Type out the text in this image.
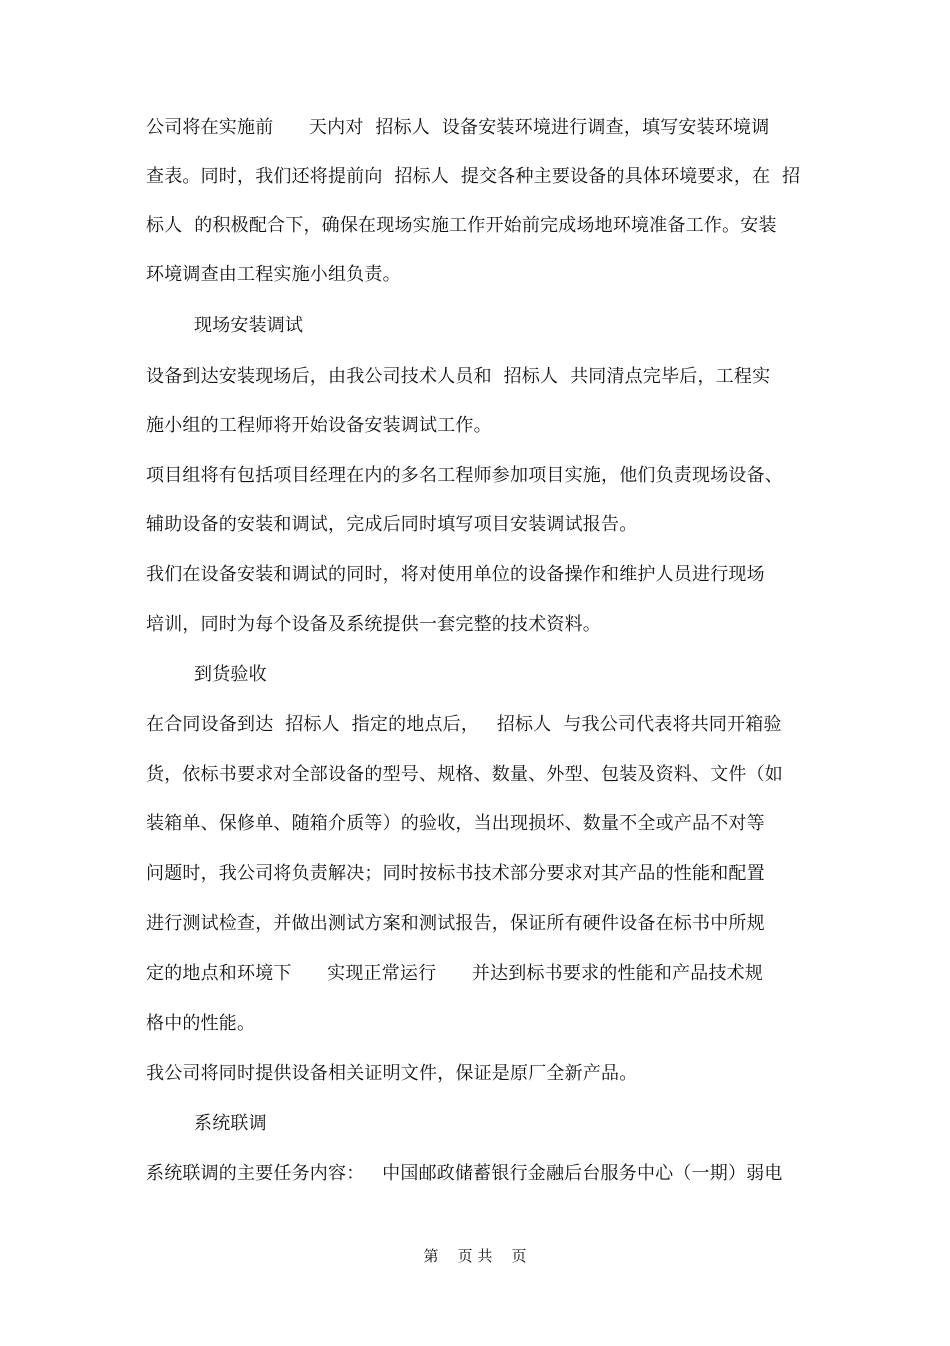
公司将在实施前      天内对  招标人  设备安装环境进行调查，填写安装环境调
查表。同时，我们还将提前向  招标人  提交各种主要设备的具体环境要求，在  招
标人  的积极配合下，确保在现场实施工作开始前完成场地环境准备工作。安装
环境调查由工程实施小组负责。
现场安装调试
设备到达安装现场后，由我公司技术人员和  招标人  共同清点完毕后，工程实
施小组的工程师将开始设备安装调试工作。
项目组将有包括项目经理在内的多名工程师参加项目实施，他们负责现场设备、
辅助设备的安装和调试，完成后同时填写项目安装调试报告。
我们在设备安装和调试的同时，将对使用单位的设备操作和维护人员进行现场
培训，同时为每个设备及系统提供一套完整的技术资料。
到货验收
在合同设备到达  招标人  指定的地点后，   招标人  与我公司代表将共同开箱验
货，依标书要求对全部设备的型号、规格、数量、外型、包装及资料、文件（如
装箱单、保修单、随箱介质等）的验收，当出现损坏、数量不全或产品不对等
问题时，我公司将负责解决；同时按标书技术部分要求对其产品的性能和配置
进行测试检查，并做出测试方案和测试报告，保证所有硬件设备在标书中所规
定的地点和环境下      实现正常运行      并达到标书要求的性能和产品技术规
格中的性能。
我公司将同时提供设备相关证明文件，保证是原厂全新产品。
系统联调
系统联调的主要任务内容：   中国邮政储蓄银行金融后台服务中心（一期）弱电
第    页 共    页
